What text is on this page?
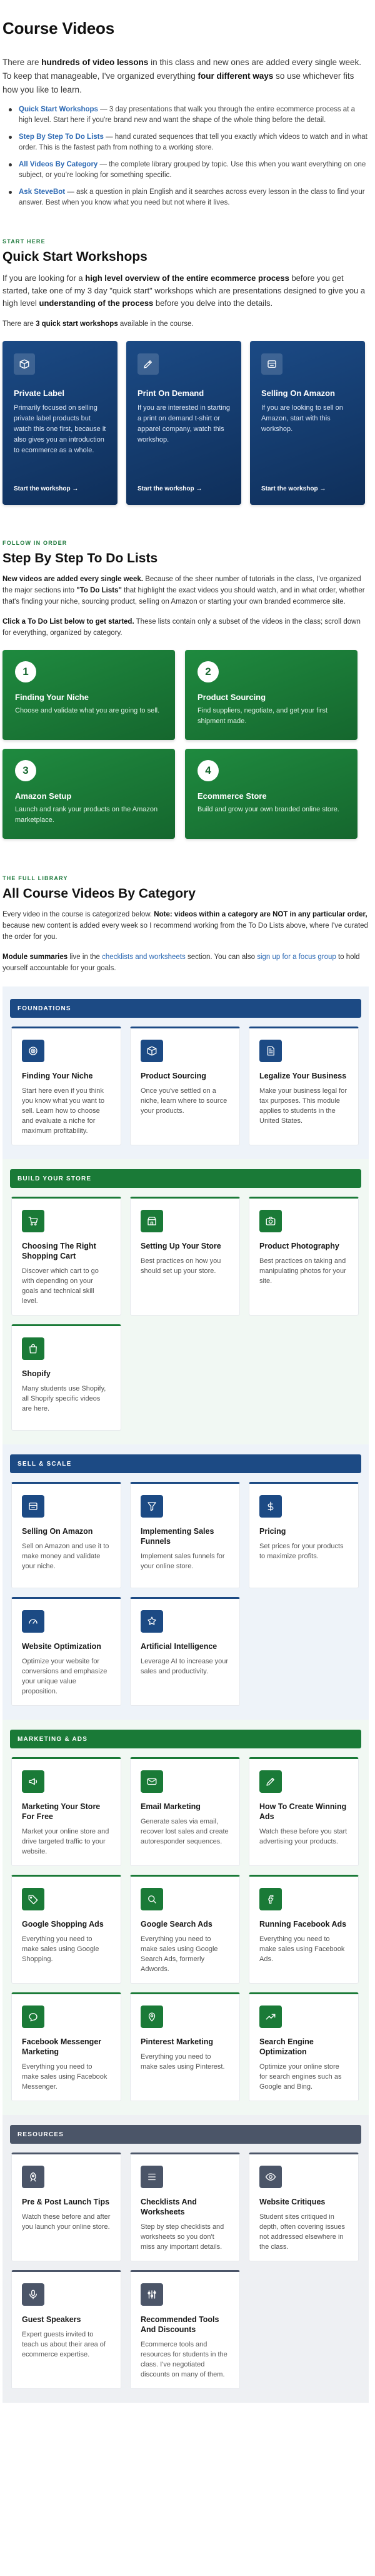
Course Videos

There are hundreds of video lessons in this class and new ones are added every single week. To keep that manageable, I've organized everything four different ways so use whichever fits how you like to learn.

Quick Start Workshops — 3 day presentations that walk you through the entire ecommerce process at a high level. Start here if you're brand new and want the shape of the whole thing before the detail.
Step By Step To Do Lists — hand curated sequences that tell you exactly which videos to watch and in what order. This is the fastest path from nothing to a working store.
All Videos By Category — the complete library grouped by topic. Use this when you want everything on one subject, or you're looking for something specific.
Ask SteveBot — ask a question in plain English and it searches across every lesson in the class to find your answer. Best when you know what you need but not where it lives.
START HERE
Quick Start Workshops

If you are looking for a high level overview of the entire ecommerce process before you get started, take one of my 3 day "quick start" workshops which are presentations designed to give you a high level understanding of the process before you delve into the details.

There are 3 quick start workshops available in the course.

Private Label
Primarily focused on selling private label products but watch this one first, because it also gives you an introduction to ecommerce as a whole.
Start the workshop →
Print On Demand
If you are interested in starting a print on demand t-shirt or apparel company, watch this workshop.
Start the workshop →
Selling On Amazon
If you are looking to sell on Amazon, start with this workshop.
Start the workshop →
FOLLOW IN ORDER
Step By Step To Do Lists

New videos are added every single week. Because of the sheer number of tutorials in the class, I've organized the major sections into "To Do Lists" that highlight the exact videos you should watch, and in what order, whether that's finding your niche, sourcing product, selling on Amazon or starting your own branded ecommerce site.

Click a To Do List below to get started. These lists contain only a subset of the videos in the class; scroll down for everything, organized by category.

1
Finding Your Niche
Choose and validate what you are going to sell.
2
Product Sourcing
Find suppliers, negotiate, and get your first shipment made.
3
Amazon Setup
Launch and rank your products on the Amazon marketplace.
4
Ecommerce Store
Build and grow your own branded online store.
THE FULL LIBRARY
All Course Videos By Category

Every video in the course is categorized below. Note: videos within a category are NOT in any particular order, because new content is added every week so I recommend working from the To Do Lists above, where I've curated the order for you.

Module summaries live in the checklists and worksheets section. You can also sign up for a focus group to hold yourself accountable for your goals.

FOUNDATIONS
Finding Your Niche
Start here even if you think you know what you want to sell. Learn how to choose and evaluate a niche for maximum profitability.
Product Sourcing
Once you've settled on a niche, learn where to source your products.
Legalize Your Business
Make your business legal for tax purposes. This module applies to students in the United States.
BUILD YOUR STORE
Choosing The Right Shopping Cart
Discover which cart to go with depending on your goals and technical skill level.
Setting Up Your Store
Best practices on how you should set up your store.
Product Photography
Best practices on taking and manipulating photos for your site.
Shopify
Many students use Shopify, all Shopify specific videos are here.
SELL & SCALE
Selling On Amazon
Sell on Amazon and use it to make money and validate your niche.
Implementing Sales Funnels
Implement sales funnels for your online store.
Pricing
Set prices for your products to maximize profits.
Website Optimization
Optimize your website for conversions and emphasize your unique value proposition.
Artificial Intelligence
Leverage AI to increase your sales and productivity.
MARKETING & ADS
Marketing Your Store For Free
Market your online store and drive targeted traffic to your website.
Email Marketing
Generate sales via email, recover lost sales and create autoresponder sequences.
How To Create Winning Ads
Watch these before you start advertising your products.
Google Shopping Ads
Everything you need to make sales using Google Shopping.
Google Search Ads
Everything you need to make sales using Google Search Ads, formerly Adwords.
Running Facebook Ads
Everything you need to make sales using Facebook Ads.
Facebook Messenger Marketing
Everything you need to make sales using Facebook Messenger.
Pinterest Marketing
Everything you need to make sales using Pinterest.
Search Engine Optimization
Optimize your online store for search engines such as Google and Bing.
RESOURCES
Pre & Post Launch Tips
Watch these before and after you launch your online store.
Checklists And Worksheets
Step by step checklists and worksheets so you don't miss any important details.
Website Critiques
Student sites critiqued in depth, often covering issues not addressed elsewhere in the class.
Guest Speakers
Expert guests invited to teach us about their area of ecommerce expertise.
Recommended Tools And Discounts
Ecommerce tools and resources for students in the class. I've negotiated discounts on many of them.
